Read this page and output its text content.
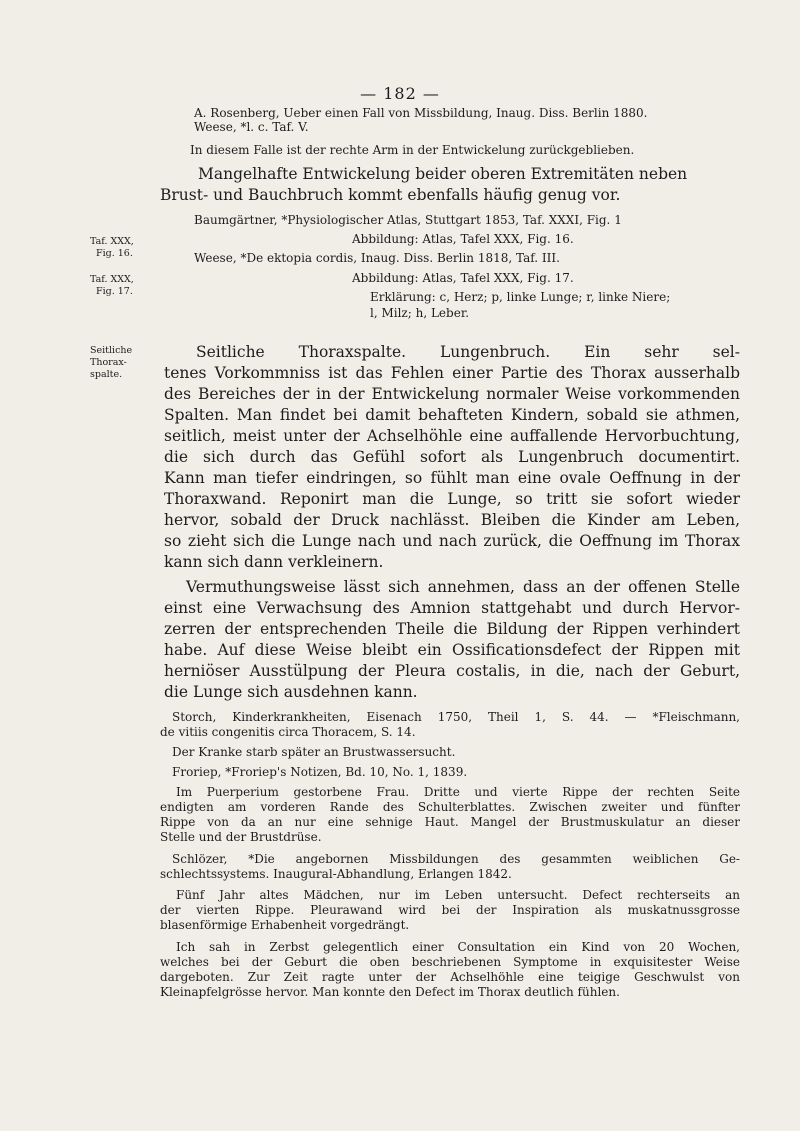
— 182 —
Taf. XXX,
Fig. 16.
Taf. XXX,
Fig. 17.
Seitliche
Thorax-
spalte.
A. Rosenberg, Ueber einen Fall von Missbildung, Inaug. Diss. Berlin 1880.
Weese, *l. c. Taf. V.
In diesem Falle ist der rechte Arm in der Entwickelung zurückgeblieben.
Mangelhafte Entwickelung beider oberen Extremitäten neben
Brust- und Bauchbruch kommt ebenfalls häufig genug vor.
Baumgärtner, *Physiologischer Atlas, Stuttgart 1853, Taf. XXXI, Fig. 1
Abbildung: Atlas, Tafel XXX, Fig. 16.
Weese, *De ektopia cordis, Inaug. Diss. Berlin 1818, Taf. III.
Abbildung: Atlas, Tafel XXX, Fig. 17.
Erklärung: c, Herz; p, linke Lunge; r, linke Niere;
l, Milz; h, Leber.
Seitliche Thoraxspalte. Lungenbruch. Ein sehr sel-
tenes Vorkommniss ist das Fehlen einer Partie des Thorax ausserhalb
des Bereiches der in der Entwickelung normaler Weise vorkommenden
Spalten. Man findet bei damit behafteten Kindern, sobald sie athmen,
seitlich, meist unter der Achselhöhle eine auffallende Hervorbuchtung,
die sich durch das Gefühl sofort als Lungenbruch documentirt.
Kann man tiefer eindringen, so fühlt man eine ovale Oeffnung in der
Thoraxwand. Reponirt man die Lunge, so tritt sie sofort wieder
hervor, sobald der Druck nachlässt. Bleiben die Kinder am Leben,
so zieht sich die Lunge nach und nach zurück, die Oeffnung im Thorax
kann sich dann verkleinern.
Vermuthungsweise lässt sich annehmen, dass an der offenen Stelle
einst eine Verwachsung des Amnion stattgehabt und durch Hervor-
zerren der entsprechenden Theile die Bildung der Rippen verhindert
habe. Auf diese Weise bleibt ein Ossificationsdefect der Rippen mit
herniöser Ausstülpung der Pleura costalis, in die, nach der Geburt,
die Lunge sich ausdehnen kann.
Storch, Kinderkrankheiten, Eisenach 1750, Theil 1, S. 44. — *Fleischmann,
de vitiis congenitis circa Thoracem, S. 14.
Der Kranke starb später an Brustwassersucht.
Froriep, *Froriep's Notizen, Bd. 10, No. 1, 1839.
Im Puerperium gestorbene Frau. Dritte und vierte Rippe der rechten Seite
endigten am vorderen Rande des Schulterblattes. Zwischen zweiter und fünfter
Rippe von da an nur eine sehnige Haut. Mangel der Brustmuskulatur an dieser
Stelle und der Brustdrüse.
Schlözer, *Die angebornen Missbildungen des gesammten weiblichen Ge-
schlechtssystems. Inaugural-Abhandlung, Erlangen 1842.
Fünf Jahr altes Mädchen, nur im Leben untersucht. Defect rechterseits an
der vierten Rippe. Pleurawand wird bei der Inspiration als muskatnussgrosse
blasenförmige Erhabenheit vorgedrängt.
Ich sah in Zerbst gelegentlich einer Consultation ein Kind von 20 Wochen,
welches bei der Geburt die oben beschriebenen Symptome in exquisitester Weise
dargeboten. Zur Zeit ragte unter der Achselhöhle eine teigige Geschwulst von
Kleinapfelgrösse hervor. Man konnte den Defect im Thorax deutlich fühlen.
